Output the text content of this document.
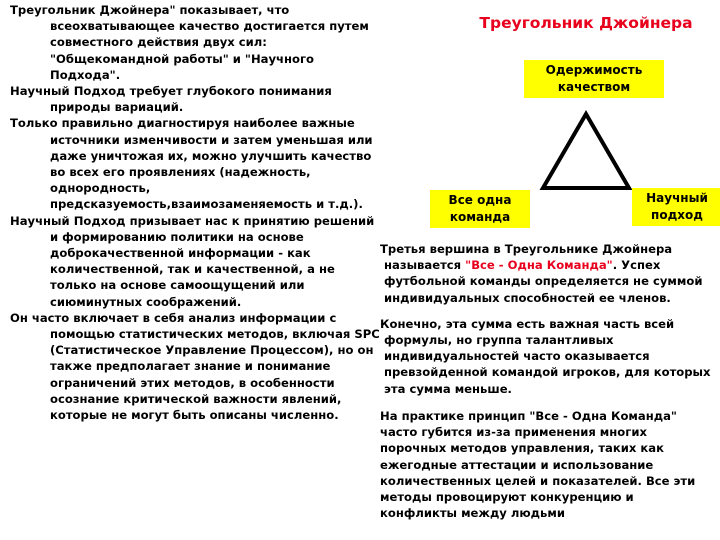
Треугольник Джойнера" показывает, что всеохватывающее качество достигается путем совместного действия двух сил: "Общекомандной работы" и "Научного Подхода".

Научный Подход требует глубокого понимания природы вариаций.

Только правильно диагностируя наиболее важные источники изменчивости и затем уменьшая или даже уничтожая их, можно улучшить качество во всех его проявлениях (надежность, однородность, предсказуемость,взаимозаменяемость и т.д.).

Научный Подход призывает нас к принятию решений и формированию политики на основе доброкачественной информации - как количественной, так и качественной, а не только на основе самоощущений или сиюминутных соображений.

Он часто включает в себя анализ информации с помощью статистических методов, включая SPC (Статистическое Управление Процессом), но он также предполагает знание и понимание ограничений этих методов, в особенности осознание критической важности явлений, которые не могут быть описаны численно.

Треугольник Джойнера
Одержимость качеством
Все одна команда
Научный подход

Третья вершина в Треугольнике Джойнера называется "Все - Одна Команда". Успех футбольной команды определяется не суммой индивидуальных способностей ее членов.

Конечно, эта сумма есть важная часть всей формулы, но группа талантливых индивидуальностей часто оказывается превзойденной командой игроков, для которых эта сумма меньше.

На практике принцип "Все - Одна Команда" часто губится из-за применения многих порочных методов управления, таких как ежегодные аттестации и использование количественных целей и показателей. Все эти методы провоцируют конкуренцию и конфликты между людьми
